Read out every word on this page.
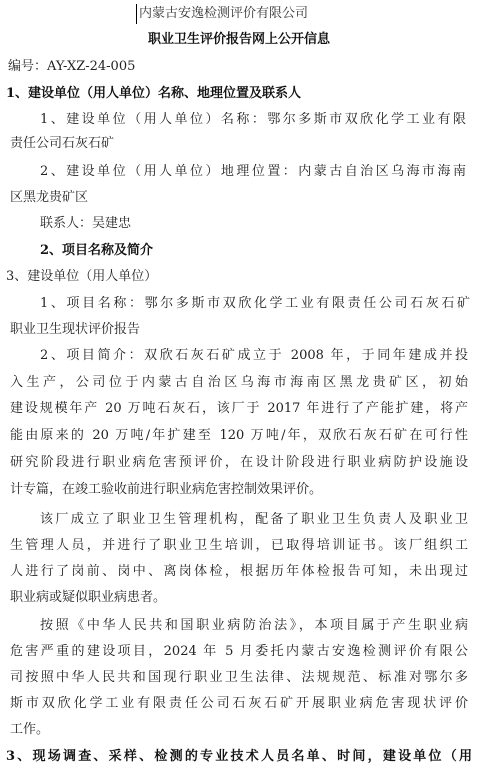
内蒙古安逸检测评价有限公司
职业卫生评价报告网上公开信息
编号：AY-XZ-24-005
1、建设单位（用人单位）名称、地理位置及联系人
1、建设单位（用人单位）名称：鄂尔多斯市双欣化学工业有限
责任公司石灰石矿
2、建设单位（用人单位）地理位置：内蒙古自治区乌海市海南
区黑龙贵矿区
联系人：吴建忠
2、项目名称及简介
3、建设单位（用人单位）
1、项目名称：鄂尔多斯市双欣化学工业有限责任公司石灰石矿
职业卫生现状评价报告
2、项目简介：双欣石灰石矿成立于 2008 年，于同年建成并投
入生产，公司位于内蒙古自治区乌海市海南区黑龙贵矿区，初始
建设规模年产 20 万吨石灰石，该厂于 2017 年进行了产能扩建，将产
能由原来的 20 万吨/年扩建至 120 万吨/年，双欣石灰石矿在可行性
研究阶段进行职业病危害预评价，在设计阶段进行职业病防护设施设
计专篇，在竣工验收前进行职业病危害控制效果评价。
该厂成立了职业卫生管理机构，配备了职业卫生负责人及职业卫
生管理人员，并进行了职业卫生培训，已取得培训证书。该厂组织工
人进行了岗前、岗中、离岗体检，根据历年体检报告可知，未出现过
职业病或疑似职业病患者。
按照《中华人民共和国职业病防治法》，本项目属于产生职业病
危害严重的建设项目，2024 年 5 月委托内蒙古安逸检测评价有限公
司按照中华人民共和国现行职业卫生法律、法规规范、标准对鄂尔多
斯市双欣化学工业有限责任公司石灰石矿开展职业病危害现状评价
工作。
3、现场调查、采样、检测的专业技术人员名单、时间，建设单位（用
